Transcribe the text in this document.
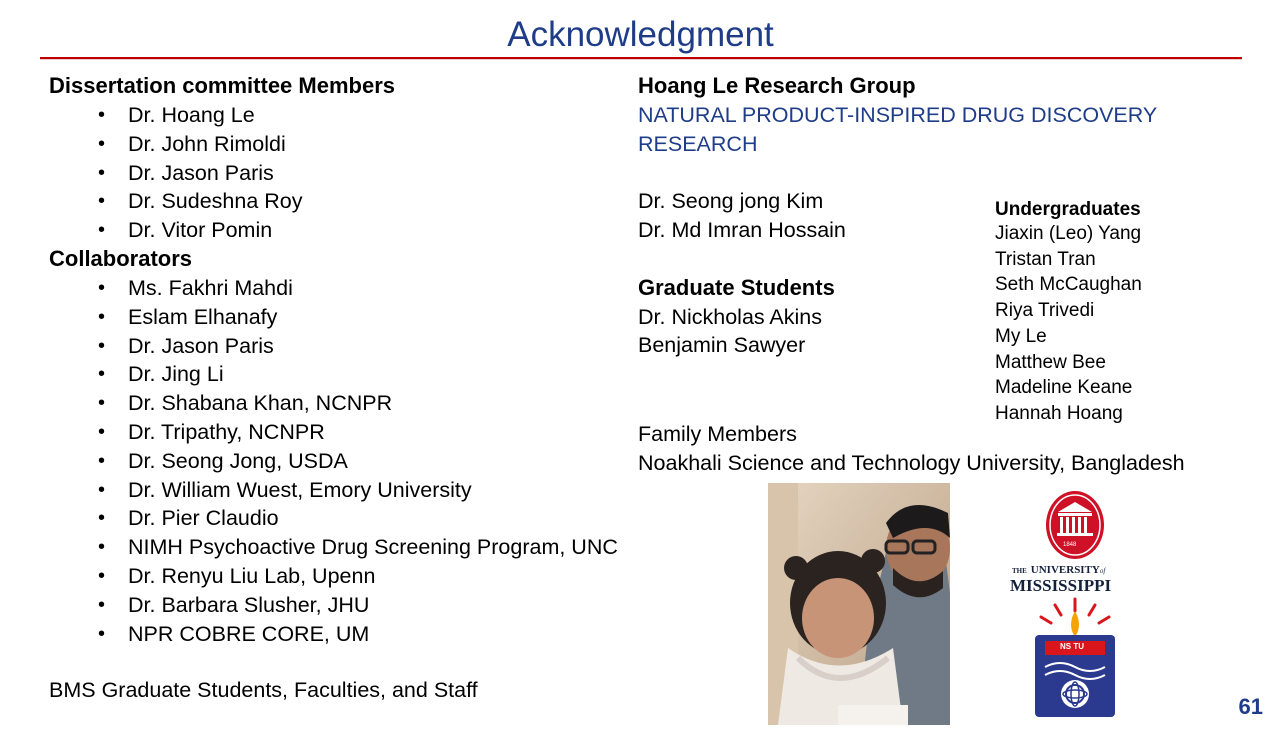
Acknowledgment
Dissertation committee Members
• Dr. Hoang Le
• Dr. John Rimoldi
• Dr. Jason Paris
• Dr. Sudeshna Roy
• Dr. Vitor Pomin
Collaborators
• Ms. Fakhri Mahdi
• Eslam Elhanafy
• Dr. Jason Paris
• Dr. Jing Li
• Dr. Shabana Khan, NCNPR
• Dr. Tripathy, NCNPR
• Dr. Seong Jong, USDA
• Dr. William Wuest, Emory University
• Dr. Pier Claudio
• NIMH Psychoactive Drug Screening Program, UNC
• Dr. Renyu Liu Lab, Upenn
• Dr. Barbara Slusher, JHU
• NPR COBRE CORE, UM
BMS Graduate Students, Faculties, and Staff
Hoang Le Research Group
NATURAL PRODUCT-INSPIRED DRUG DISCOVERY
RESEARCH
Dr. Seong jong Kim
Dr. Md Imran Hossain
Graduate Students
Dr. Nickholas Akins
Benjamin Sawyer
Family Members
Noakhali Science and Technology University, Bangladesh
Undergraduates
Jiaxin (Leo) Yang
Tristan Tran
Seth McCaughan
Riya Trivedi
My Le
Matthew Bee
Madeline Keane
Hannah Hoang
1848
THE UNIVERSITYof
MISSISSIPPI
NS TU
61
